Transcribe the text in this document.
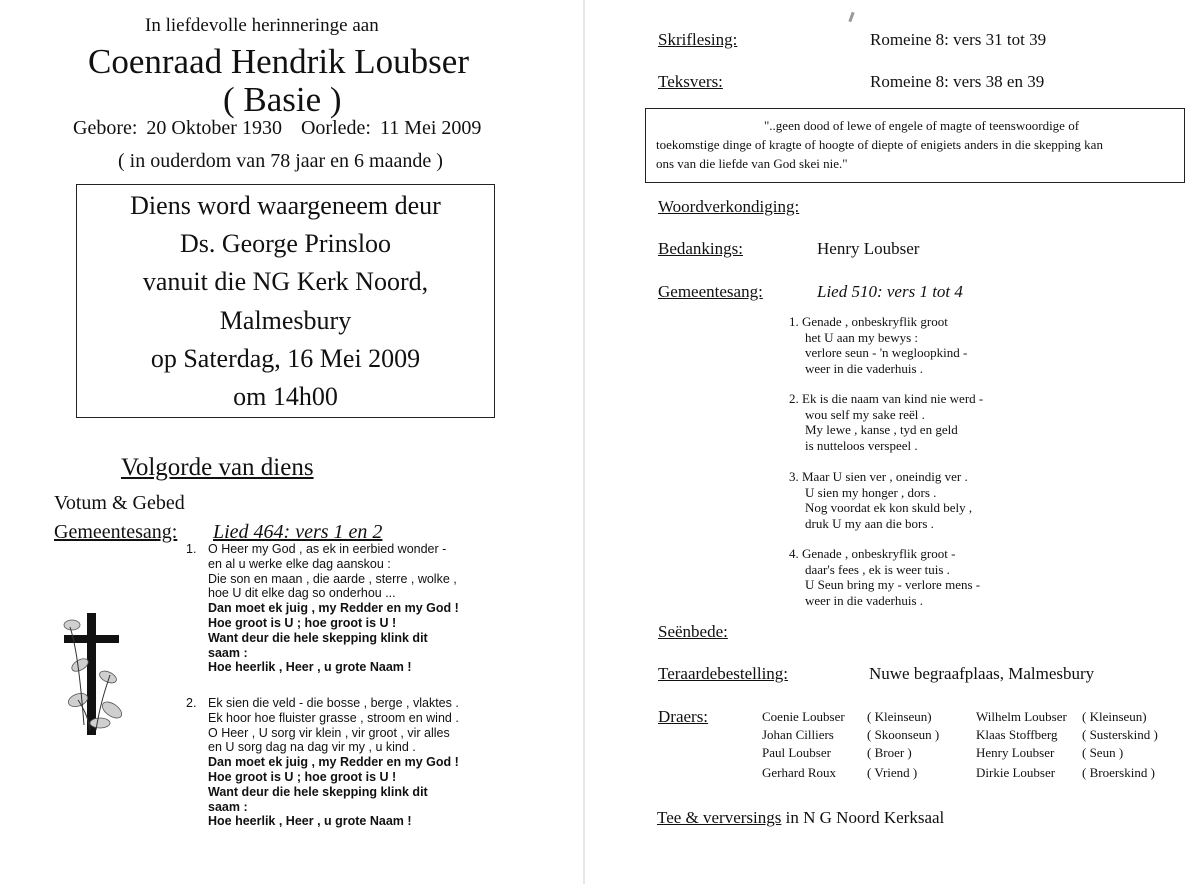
In liefdevolle herinneringe aan
Coenraad Hendrik Loubser
( Basie )
Gebore: 20 Oktober 1930 Oorlede: 11 Mei 2009
( in ouderdom van 78 jaar en 6 maande )
Diens word waargeneem deur
Ds. George Prinsloo
vanuit die NG Kerk Noord,
Malmesbury
op Saterdag, 16 Mei 2009
om 14h00
Volgorde van diens
Votum & Gebed
Gemeentesang: Lied 464: vers 1 en 2
1. O Heer my God , as ek in eerbied wonder -
en al u werke elke dag aanskou :
Die son en maan , die aarde , sterre , wolke ,
hoe U dit elke dag so onderhou ...
Dan moet ek juig , my Redder en my God !
Hoe groot is U ; hoe groot is U !
Want deur die hele skepping klink dit
saam :
Hoe heerlik , Heer , u grote Naam !
2. Ek sien die veld - die bosse , berge , vlaktes .
Ek hoor hoe fluister grasse , stroom en wind .
O Heer , U sorg vir klein , vir groot , vir alles
en U sorg dag na dag vir my , u kind .
Dan moet ek juig , my Redder en my God !
Hoe groot is U ; hoe groot is U !
Want deur die hele skepping klink dit
saam :
Hoe heerlik , Heer , u grote Naam !
Skriflesing:	Romeine 8: vers 31 tot 39
Teksvers:	Romeine 8: vers 38 en 39
"..geen dood of lewe of engele of magte of teenswoordige of
toekomstige dinge of kragte of hoogte of diepte of enigiets anders in die skepping kan
ons van die liefde van God skei nie."
Woordverkondiging:
Bedankings:	Henry Loubser
Gemeentesang:	Lied 510: vers 1 tot 4
1. Genade , onbeskryflik groot
het U aan my bewys :
verlore seun - 'n wegloopkind -
weer in die vaderhuis .
2. Ek is die naam van kind nie werd -
wou self my sake reël .
My lewe , kanse , tyd en geld
is nutteloos verspeel .
3. Maar U sien ver , oneindig ver .
U sien my honger , dors .
Nog voordat ek kon skuld bely ,
druk U my aan die bors .
4. Genade , onbeskryflik groot -
daar's fees , ek is weer tuis .
U Seun bring my - verlore mens -
weer in die vaderhuis .
Seënbede:
Teraardebestelling:	Nuwe begraafplaas, Malmesbury
Draers:	Coenie Loubser ( Kleinseun)	Wilhelm Loubser ( Kleinseun)
Johan Cilliers	( Skoonseun )	Klaas Stoffberg ( Susterskind )
Paul Loubser	( Broer )	Henry Loubser ( Seun )
Gerhard Roux ( Vriend )	Dirkie Loubser ( Broerskind )
Tee & verversings in N G Noord Kerksaal
